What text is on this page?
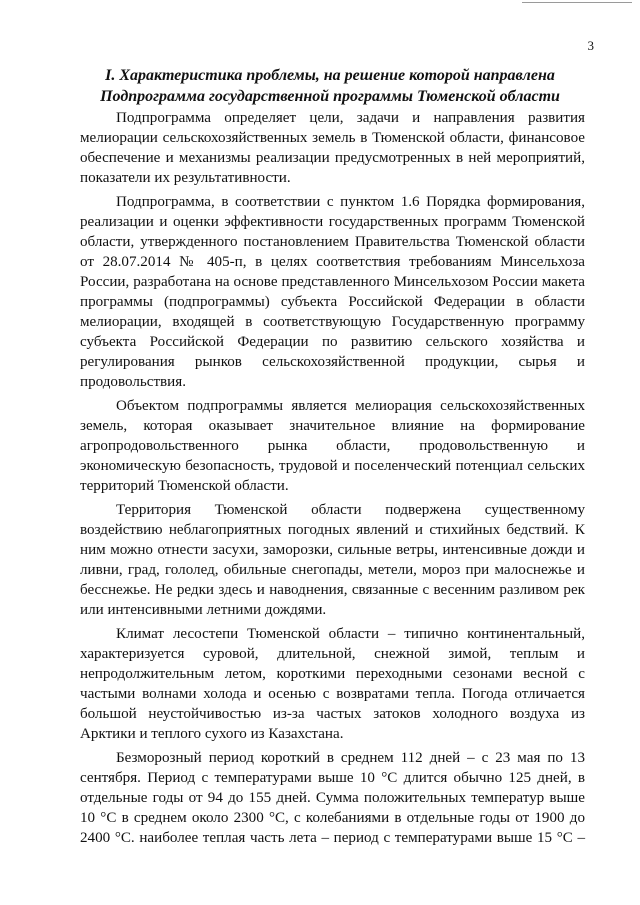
3
I. Характеристика проблемы, на решение которой направлена
Подпрограмма государственной программы Тюменской области
Подпрограмма определяет цели, задачи и направления развития
мелиорации сельскохозяйственных земель в Тюменской области, финансовое
обеспечение и механизмы реализации предусмотренных в ней мероприятий,
показатели их результативности.
Подпрограмма, в соответствии с пунктом 1.6 Порядка формирования,
реализации и оценки эффективности государственных программ Тюменской
области, утвержденного постановлением Правительства Тюменской области
от 28.07.2014 № 405-п, в целях соответствия требованиям Минсельхоза
России, разработана на основе представленного Минсельхозом России макета
программы (подпрограммы) субъекта Российской Федерации в области
мелиорации, входящей в соответствующую Государственную программу
субъекта Российской Федерации по развитию сельского хозяйства и
регулирования рынков сельскохозяйственной продукции, сырья и
продовольствия.
Объектом подпрограммы является мелиорация сельскохозяйственных
земель, которая оказывает значительное влияние на формирование
агропродовольственного рынка области, продовольственную и
экономическую безопасность, трудовой и поселенческий потенциал сельских
территорий Тюменской области.
Территория Тюменской области подвержена существенному
воздействию неблагоприятных погодных явлений и стихийных бедствий. К
ним можно отнести засухи, заморозки, сильные ветры, интенсивные дожди и
ливни, град, гололед, обильные снегопады, метели, мороз при малоснежье и
бесснежье. Не редки здесь и наводнения, связанные с весенним разливом рек
или интенсивными летними дождями.
Климат лесостепи Тюменской области – типично континентальный,
характеризуется суровой, длительной, снежной зимой, теплым и
непродолжительным летом, короткими переходными сезонами весной с
частыми волнами холода и осенью с возвратами тепла. Погода отличается
большой неустойчивостью из-за частых затоков холодного воздуха из
Арктики и теплого сухого из Казахстана.
Безморозный период короткий в среднем 112 дней – с 23 мая по 13
сентября. Период с температурами выше 10 °С длится обычно 125 дней, в
отдельные годы от 94 до 155 дней. Сумма положительных температур выше
10 °С в среднем около 2300 °С, с колебаниями в отдельные годы от 1900 до
2400 °С. наиболее теплая часть лета – период с температурами выше 15 °С –
